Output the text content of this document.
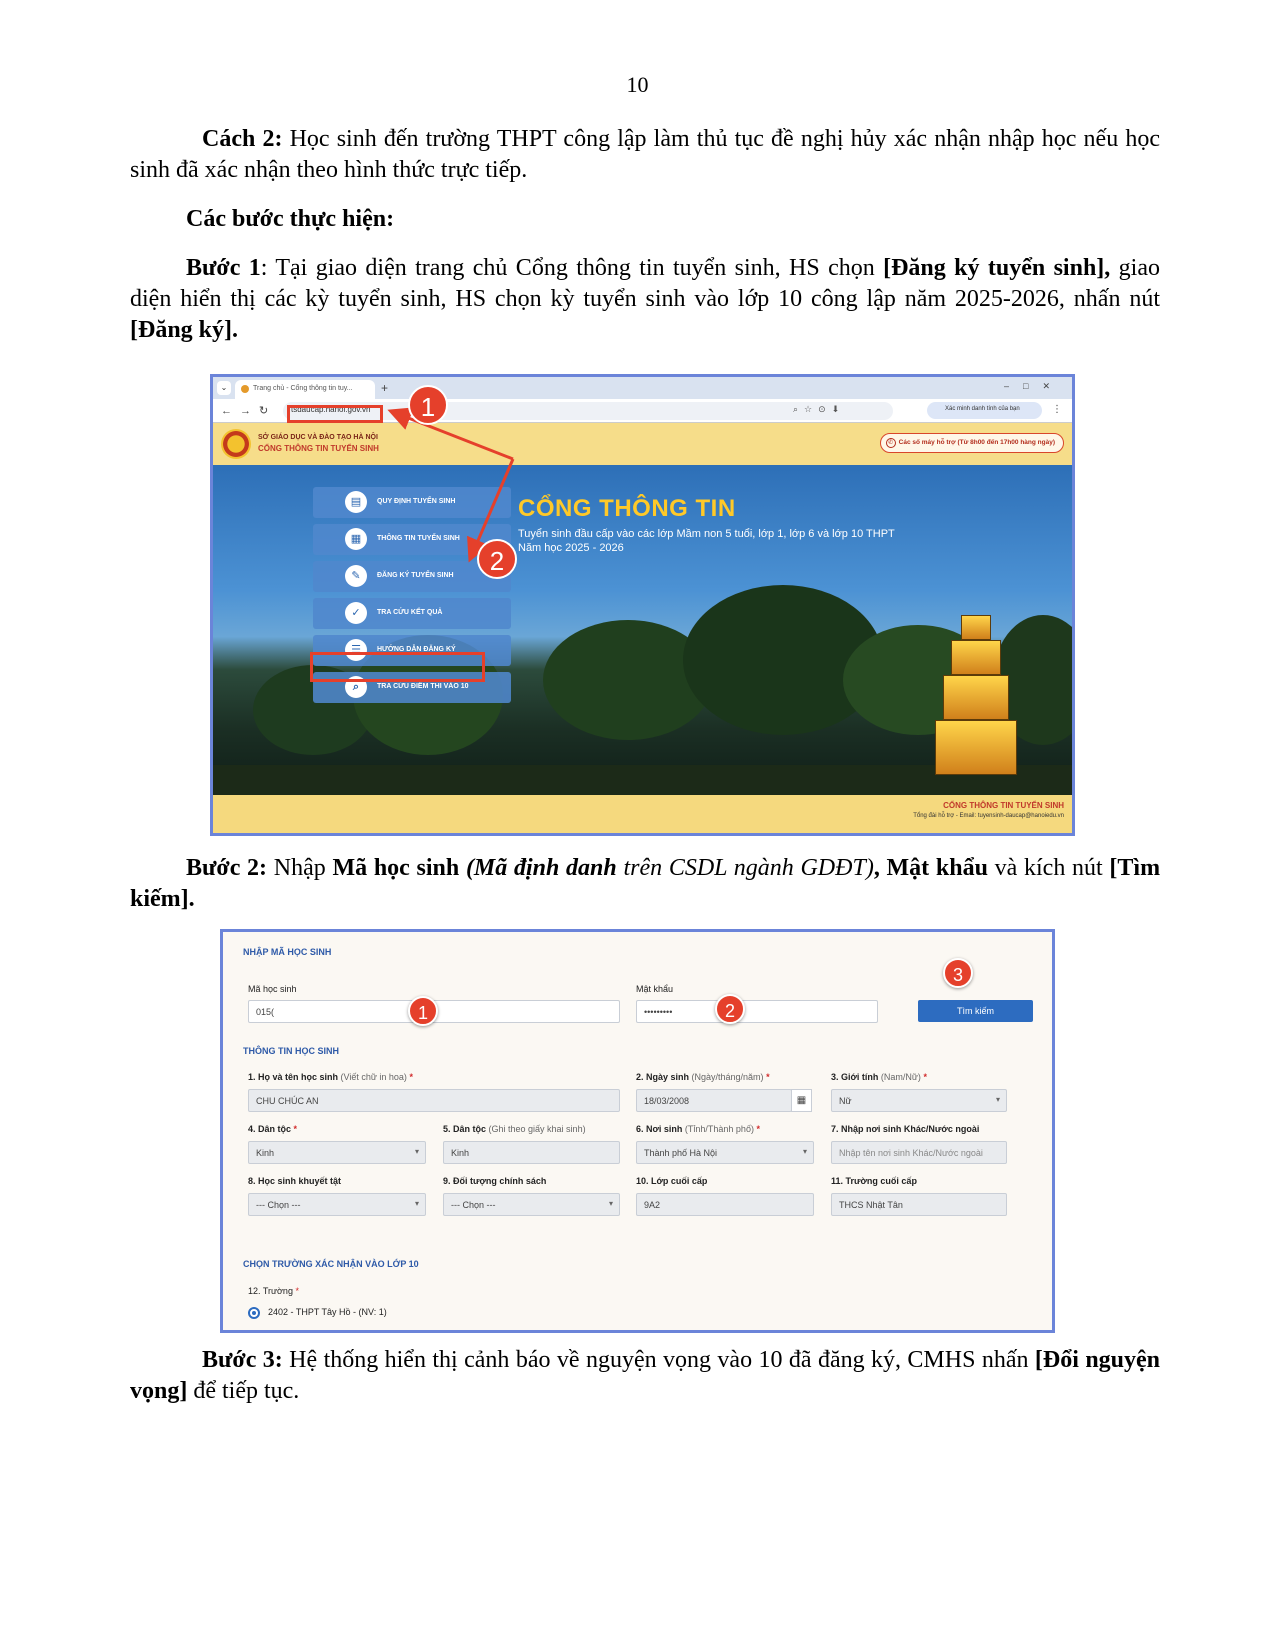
10

Cách 2: Học sinh đến trường THPT công lập làm thủ tục đề nghị hủy xác nhận nhập học nếu học sinh đã xác nhận theo hình thức trực tiếp.

Các bước thực hiện:

Bước 1: Tại giao diện trang chủ Cổng thông tin tuyển sinh, HS chọn [Đăng ký tuyển sinh], giao diện hiển thị các kỳ tuyển sinh, HS chọn kỳ tuyển sinh vào lớp 10 công lập năm 2025-2026, nhấn nút [Đăng ký].

⌄	Trang chủ - Cổng thông tin tuy...	+	–□✕
←→↻ tsdaucap.hanoi.gov.vn	⌕☆⊙⬇	Xác minh danh tính của bạn	⋮
SỞ GIÁO DỤC VÀ ĐÀO TẠO HÀ NỘI
CỔNG THÔNG TIN TUYỂN SINH
✆ Các số máy hỗ trợ (Từ 8h00 đến 17h00 hàng ngày)
▤	QUY ĐỊNH TUYỂN SINH
▦	THÔNG TIN TUYỂN SINH
✎	ĐĂNG KÝ TUYỂN SINH
✓	TRA CỨU KẾT QUẢ
☰	HƯỚNG DẪN ĐĂNG KÝ
⌕	TRA CỨU ĐIỂM THI VÀO 10
CỔNG THÔNG TIN
Tuyển sinh đầu cấp vào các lớp Mầm non 5 tuổi, lớp 1, lớp 6 và lớp 10 THPT
Năm học 2025 - 2026
1
2
CỔNG THÔNG TIN TUYỂN SINH
Tổng đài hỗ trợ - Email: tuyensinh-daucap@hanoiedu.vn

Bước 2: Nhập Mã học sinh (Mã định danh trên CSDL ngành GDĐT), Mật khẩu và kích nút [Tìm kiếm].

NHẬP MÃ HỌC SINH
Mã học sinh
015(
Mật khẩu
•••••••••	Tìm kiếm
THÔNG TIN HỌC SINH
1. Họ và tên học sinh (Viết chữ in hoa) *
CHU CHÚC AN
2. Ngày sinh (Ngày/tháng/năm) *
18/03/2008	▦
3. Giới tính (Nam/Nữ) *
Nữ ▾
4. Dân tộc *
Kinh ▾
5. Dân tộc (Ghi theo giấy khai sinh)
Kinh
6. Nơi sinh (Tỉnh/Thành phố) *
Thành phố Hà Nội ▾
7. Nhập nơi sinh Khác/Nước ngoài
Nhập tên nơi sinh Khác/Nước ngoài
8. Học sinh khuyết tật
--- Chọn --- ▾
9. Đối tượng chính sách
--- Chọn --- ▾
10. Lớp cuối cấp
9A2
11. Trường cuối cấp
THCS Nhật Tân
CHỌN TRƯỜNG XÁC NHẬN VÀO LỚP 10
12. Trường *
2402 - THPT Tây Hồ - (NV: 1)
1	2
3

Bước 3: Hệ thống hiển thị cảnh báo về nguyện vọng vào 10 đã đăng ký, CMHS nhấn [Đổi nguyện vọng] để tiếp tục.
